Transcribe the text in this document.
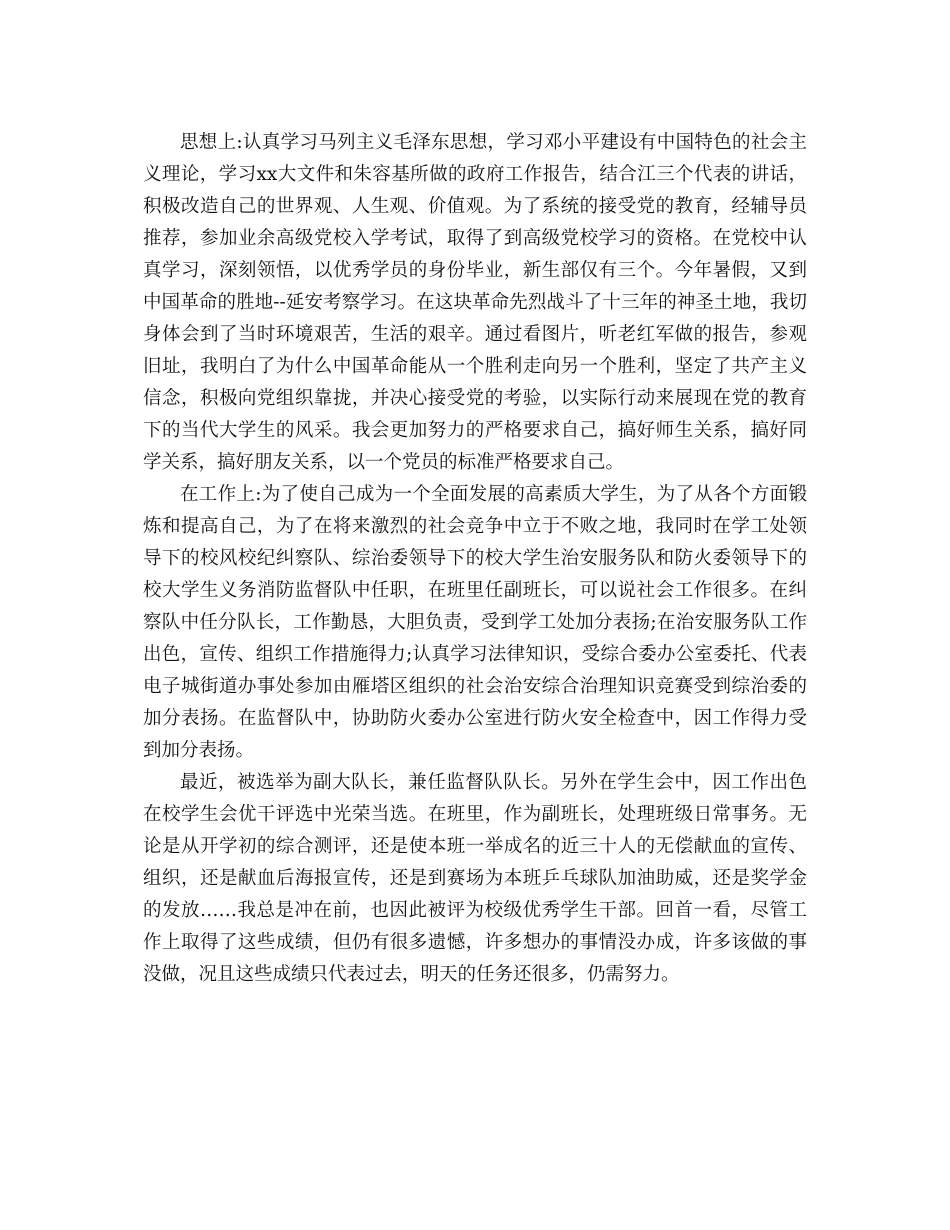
思想上:认真学习马列主义毛泽东思想，学习邓小平建设有中国特色的社会主义理论，学习xx大文件和朱容基所做的政府工作报告，结合江三个代表的讲话，积极改造自己的世界观、人生观、价值观。为了系统的接受党的教育，经辅导员推荐，参加业余高级党校入学考试，取得了到高级党校学习的资格。在党校中认真学习，深刻领悟，以优秀学员的身份毕业，新生部仅有三个。今年暑假，又到中国革命的胜地--延安考察学习。在这块革命先烈战斗了十三年的神圣土地，我切身体会到了当时环境艰苦，生活的艰辛。通过看图片，听老红军做的报告，参观旧址，我明白了为什么中国革命能从一个胜利走向另一个胜利，坚定了共产主义信念，积极向党组织靠拢，并决心接受党的考验，以实际行动来展现在党的教育下的当代大学生的风采。我会更加努力的严格要求自己，搞好师生关系，搞好同学关系，搞好朋友关系，以一个党员的标准严格要求自己。

在工作上:为了使自己成为一个全面发展的高素质大学生，为了从各个方面锻炼和提高自己，为了在将来激烈的社会竞争中立于不败之地，我同时在学工处领导下的校风校纪纠察队、综治委领导下的校大学生治安服务队和防火委领导下的校大学生义务消防监督队中任职，在班里任副班长，可以说社会工作很多。在纠察队中任分队长，工作勤恳，大胆负责，受到学工处加分表扬;在治安服务队工作出色，宣传、组织工作措施得力;认真学习法律知识，受综合委办公室委托、代表电子城街道办事处参加由雁塔区组织的社会治安综合治理知识竞赛受到综治委的加分表扬。在监督队中，协助防火委办公室进行防火安全检查中，因工作得力受到加分表扬。

最近，被选举为副大队长，兼任监督队队长。另外在学生会中，因工作出色在校学生会优干评选中光荣当选。在班里，作为副班长，处理班级日常事务。无论是从开学初的综合测评，还是使本班一举成名的近三十人的无偿献血的宣传、组织，还是献血后海报宣传，还是到赛场为本班乒乓球队加油助威，还是奖学金的发放……我总是冲在前，也因此被评为校级优秀学生干部。回首一看，尽管工作上取得了这些成绩，但仍有很多遗憾，许多想办的事情没办成，许多该做的事没做，况且这些成绩只代表过去，明天的任务还很多，仍需努力。
